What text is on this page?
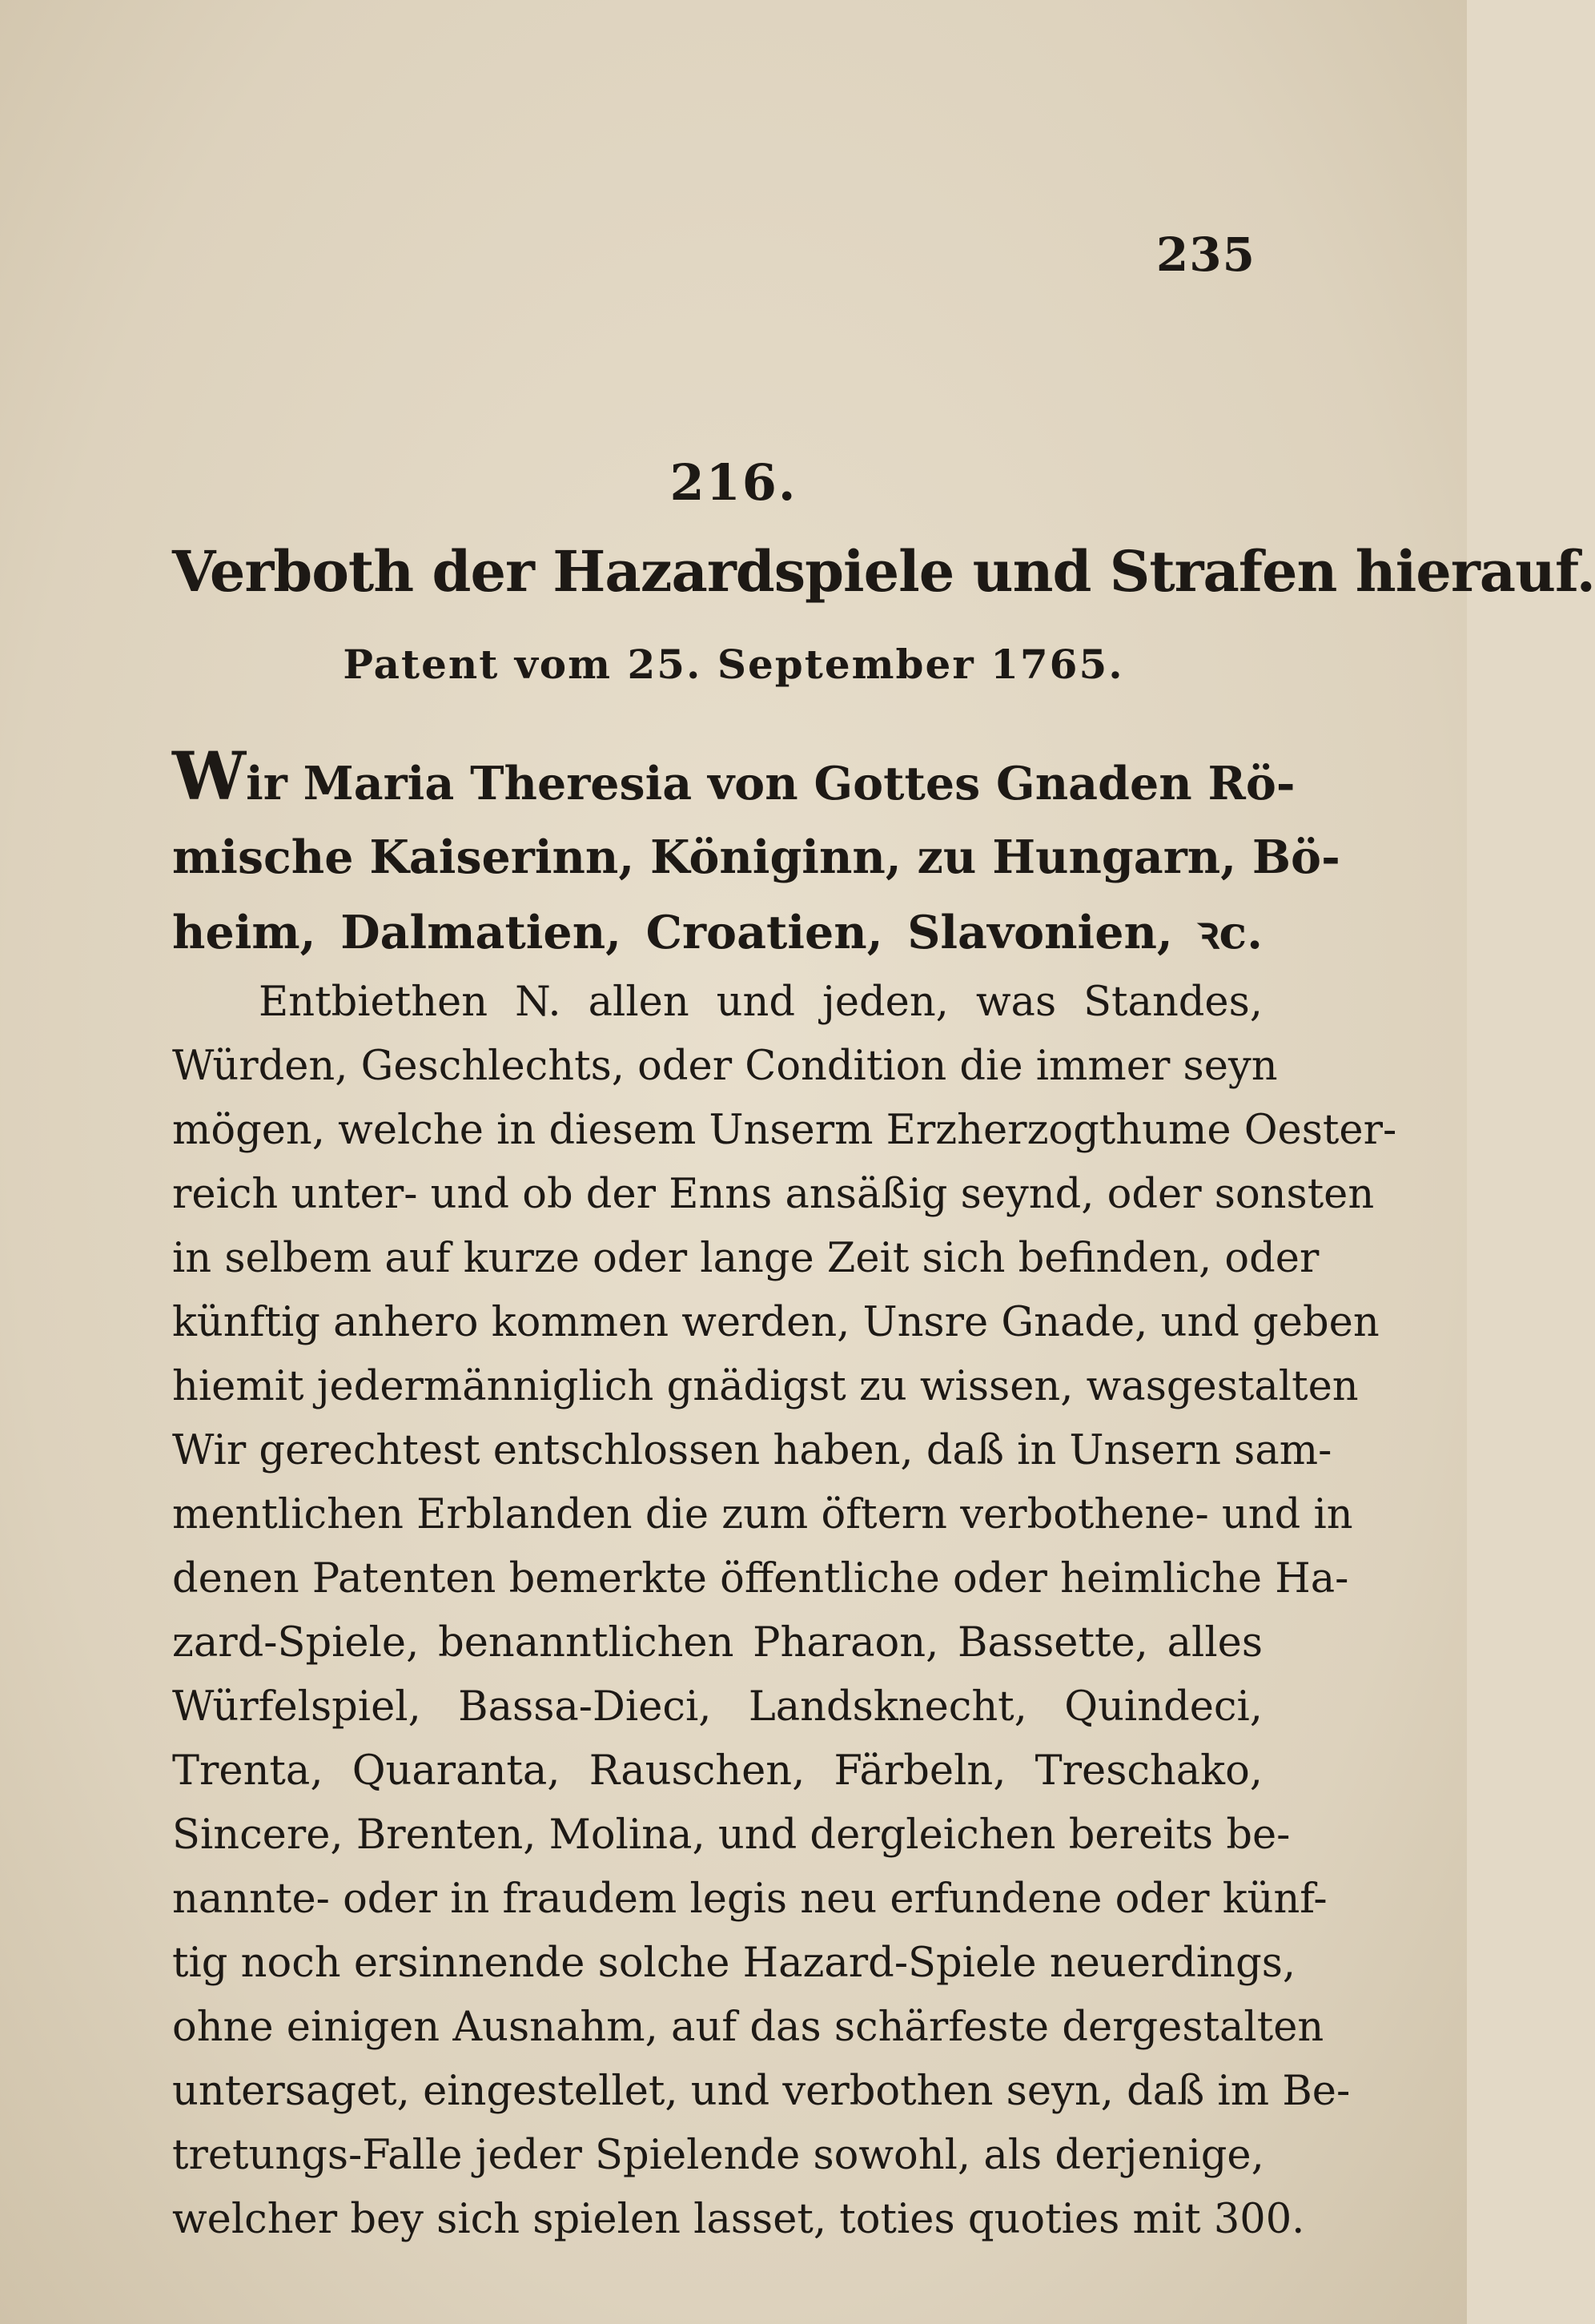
235
216.
Verboth der Hazardspiele und Strafen hierauf.
Patent vom 25. September 1765.
Wir Maria Theresia von Gottes Gnaden Rö-
mische Kaiserinn, Königinn, zu Hungarn, Bö-
heim, Dalmatien, Croatien, Slavonien, ꝛc.
Entbiethen N. allen und jeden, was Standes,
Würden, Geschlechts, oder Condition die immer seyn
mögen, welche in diesem Unserm Erzherzogthume Oester-
reich unter- und ob der Enns ansäßig seynd, oder sonsten
in selbem auf kurze oder lange Zeit sich befinden, oder
künftig anhero kommen werden, Unsre Gnade, und geben
hiemit jedermänniglich gnädigst zu wissen, wasgestalten
Wir gerechtest entschlossen haben, daß in Unsern sam-
mentlichen Erblanden die zum öftern verbothene- und in
denen Patenten bemerkte öffentliche oder heimliche Ha-
zard-Spiele, benanntlichen Pharaon, Bassette, alles
Würfelspiel, Bassa-Dieci, Landsknecht, Quindeci,
Trenta, Quaranta, Rauschen, Färbeln, Treschako,
Sincere, Brenten, Molina, und dergleichen bereits be-
nannte- oder in fraudem legis neu erfundene oder künf-
tig noch ersinnende solche Hazard-Spiele neuerdings,
ohne einigen Ausnahm, auf das schärfeste dergestalten
untersaget, eingestellet, und verbothen seyn, daß im Be-
tretungs-Falle jeder Spielende sowohl, als derjenige,
welcher bey sich spielen lasset, toties quoties mit 300.
